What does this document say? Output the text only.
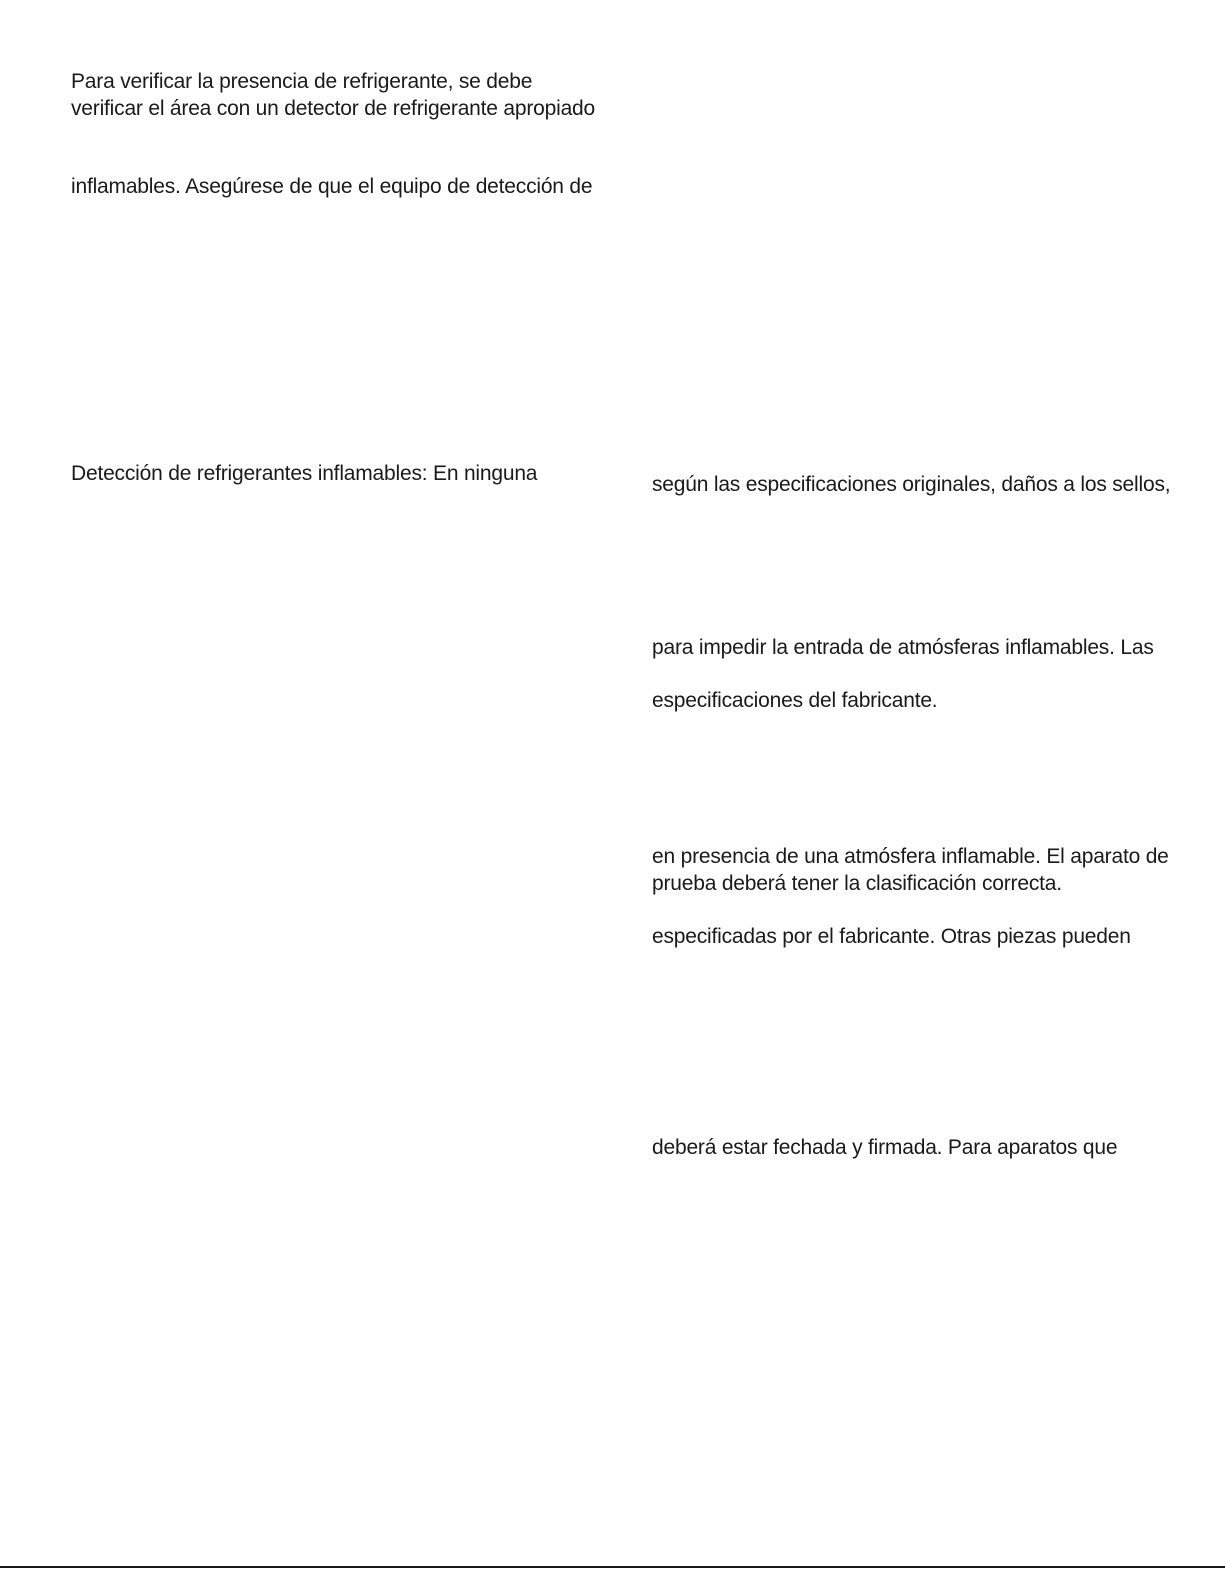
Para verificar la presencia de refrigerante, se debe
verificar el área con un detector de refrigerante apropiado
inflamables. Asegúrese de que el equipo de detección de
Detección de refrigerantes inflamables: En ninguna	según las especificaciones originales, daños a los sellos,
para impedir la entrada de atmósferas inflamables. Las
especificaciones del fabricante.
en presencia de una atmósfera inflamable. El aparato de
prueba deberá tener la clasificación correcta.
especificadas por el fabricante. Otras piezas pueden
deberá estar fechada y firmada. Para aparatos que
